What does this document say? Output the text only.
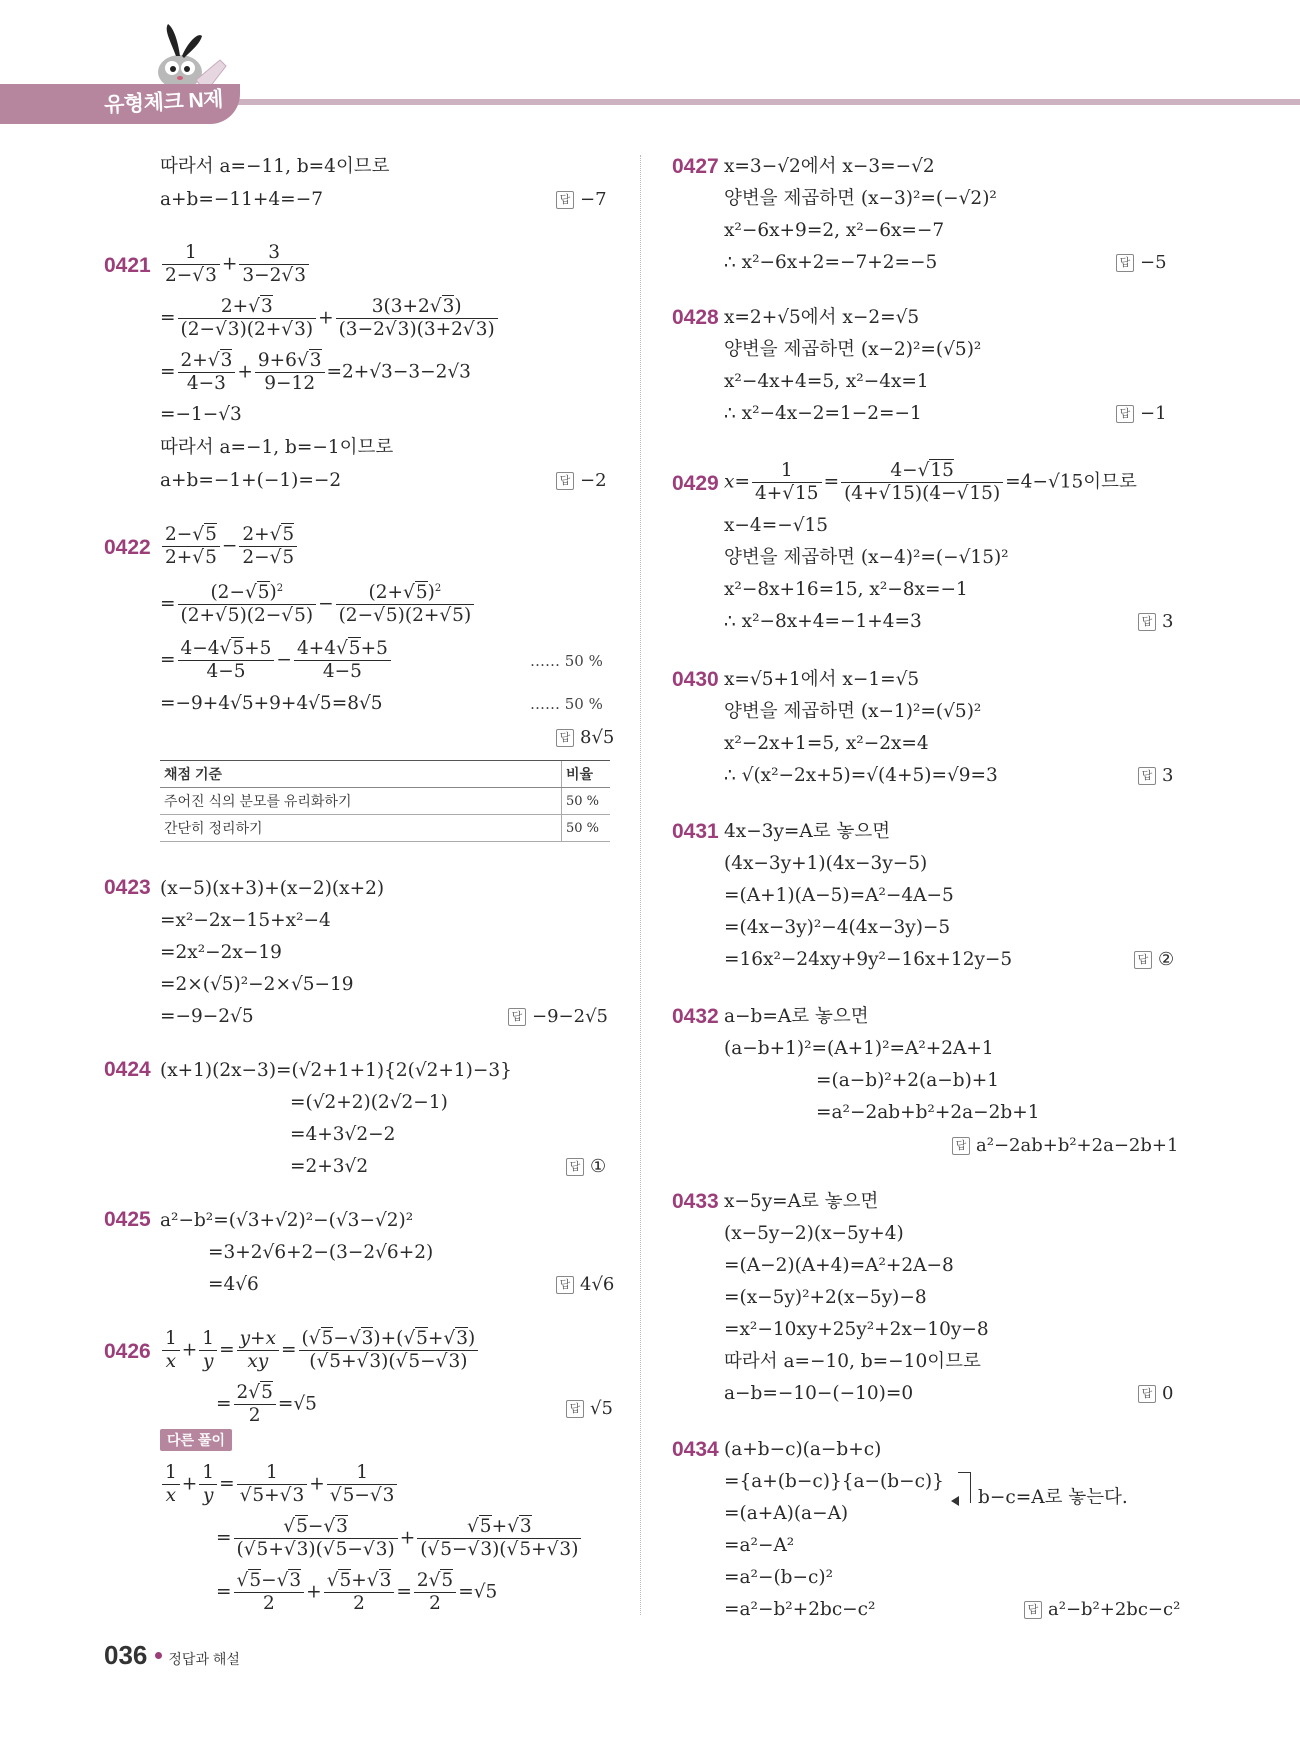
유형체크 N제
따라서 a=−11, b=4이므로
a+b=−11+4=−7	답 −7
$0421 \frac{1}{2-√3} + \frac{3}{3-2√3}$
= $\frac{2+√3}{(2-√3)(2+√3)} + \frac{3(3+2√3)}{(3-2√3)(3+2√3)}$
= $\frac{2+√3}{4-3} + \frac{9+6√3}{9-12} =2+√3-3-2√3$
=−1−√3
따라서 a=−1, b=−1이므로
a+b=−1+(−1)=−2	답 −2
$0422 \frac{2-√5}{2+√5} - \frac{2+√5}{2-√5}$
= $\frac{(2-√5)^2}{(2+√5)(2-√5)} - \frac{(2+√5)^2}{(2-√5)(2+√5)}$
= $\frac{4-4√5+5}{4-5} - \frac{4+4√5+5}{4-5}$	…… 50 %
=−9+4√5+9+4√5=8√5	…… 50 %
답 8√5
채점 기준	비율
주어진 식의 분모를 유리화하기	50 %
간단히 정리하기	50 %
0423 (x−5)(x+3)+(x−2)(x+2)
=x²−2x−15+x²−4
=2x²−2x−19
=2×(√5)²−2×√5−19
=−9−2√5	답 −9−2√5
0424 (x+1)(2x−3)=(√2+1+1){2(√2+1)−3}
=(√2+2)(2√2−1)
=4+3√2−2
=2+3√2	답 ①
0425 a²−b²=(√3+√2)²−(√3−√2)²
=3+2√6+2−(3−2√6+2)
=4√6	답 4√6
$0426 \frac{1}{x} + \frac{1}{y} = \frac{y+x}{xy} = \frac{(√5-√3)+(√5+√3)}{(√5+√3)(√5-√3)}$
= $\frac{2√5}{2} =√5$	답 √5
다른 풀이
$\frac{1}{x} + \frac{1}{y} = \frac{1}{√5+√3} + \frac{1}{√5-√3}$
= $\frac{√5-√3}{(√5+√3)(√5-√3)} + \frac{√5+√3}{(√5-√3)(√5+√3)}$
= $\frac{√5-√3}{2} + \frac{√5+√3}{2} = \frac{2√5}{2} =√5$
0427 x=3−√2에서 x−3=−√2
양변을 제곱하면 (x−3)²=(−√2)²
x²−6x+9=2, x²−6x=−7
∴ x²−6x+2=−7+2=−5	답 −5
0428 x=2+√5에서 x−2=√5
양변을 제곱하면 (x−2)²=(√5)²
x²−4x+4=5, x²−4x=1
∴ x²−4x−2=1−2=−1	답 −1
0429 $x= \frac{1}{4+√15} = \frac{4-√15}{(4+√15)(4-√15)} =4-√15$이므로
x−4=−√15
양변을 제곱하면 (x−4)²=(−√15)²
x²−8x+16=15, x²−8x=−1
∴ x²−8x+4=−1+4=3	답 3
0430 x=√5+1에서 x−1=√5
양변을 제곱하면 (x−1)²=(√5)²
x²−2x+1=5, x²−2x=4
∴ √(x²−2x+5)=√(4+5)=√9=3	답 3
0431 4x−3y=A로 놓으면
(4x−3y+1)(4x−3y−5)
=(A+1)(A−5)=A²−4A−5
=(4x−3y)²−4(4x−3y)−5
=16x²−24xy+9y²−16x+12y−5	답 ②
0432 a−b=A로 놓으면
(a−b+1)²=(A+1)²=A²+2A+1
=(a−b)²+2(a−b)+1
=a²−2ab+b²+2a−2b+1
답 a²−2ab+b²+2a−2b+1
0433 x−5y=A로 놓으면
(x−5y−2)(x−5y+4)
=(A−2)(A+4)=A²+2A−8
=(x−5y)²+2(x−5y)−8
=x²−10xy+25y²+2x−10y−8
따라서 a=−10, b=−10이므로
a−b=−10−(−10)=0	답 0
0434 (a+b−c)(a−b+c)
={a+(b−c)}{a−(b−c)}
=(a+A)(a−A)
=a²−A²
=a²−(b−c)²
=a²−b²+2bc−c²
b−c=A로 놓는다.
답 a²−b²+2bc−c²
036 정답과 해설
